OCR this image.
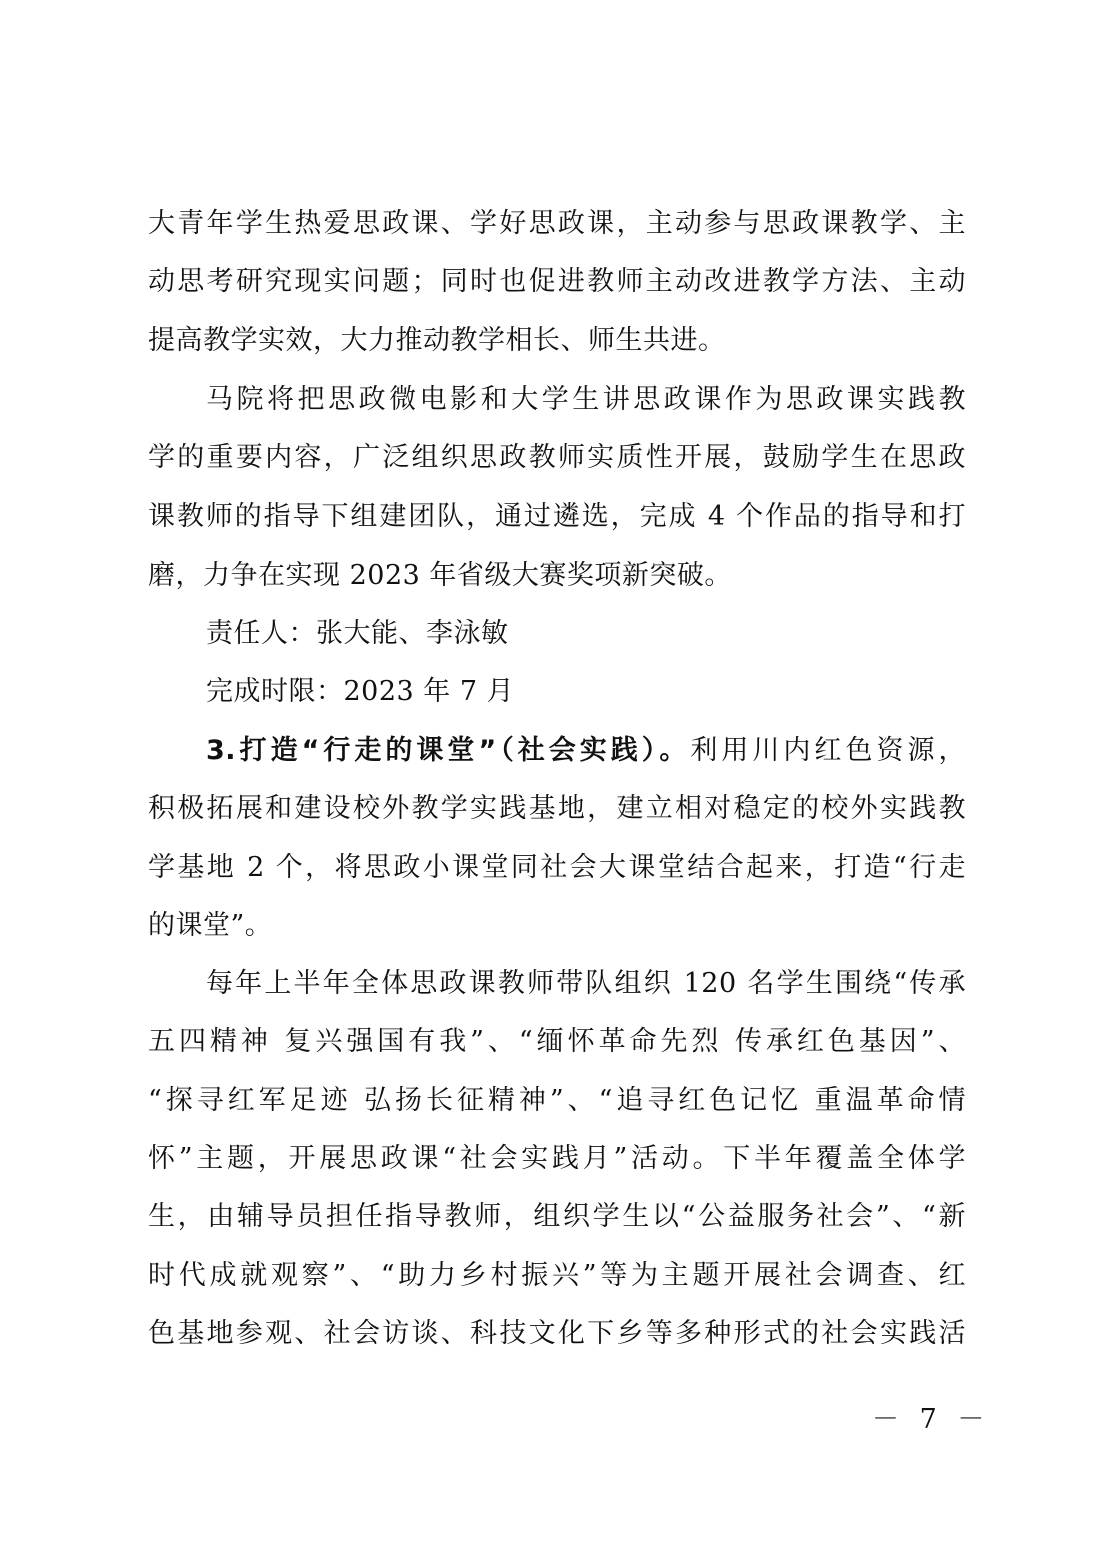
大青年学生热爱思政课、学好思政课，主动参与思政课教学、主
动思考研究现实问题；同时也促进教师主动改进教学方法、主动
提高教学实效，大力推动教学相长、师生共进。
马院将把思政微电影和大学生讲思政课作为思政课实践教
学的重要内容，广泛组织思政教师实质性开展，鼓励学生在思政
课教师的指导下组建团队，通过遴选，完成 4 个作品的指导和打
磨，力争在实现 2023 年省级大赛奖项新突破。
责任人：张大能、李泳敏
完成时限：2023 年 7 月
3.打造“行走的课堂”（社会实践）。利用川内红色资源，
积极拓展和建设校外教学实践基地，建立相对稳定的校外实践教
学基地 2 个，将思政小课堂同社会大课堂结合起来，打造“行走
的课堂”。
每年上半年全体思政课教师带队组织 120 名学生围绕“传承
五四精神 复兴强国有我”、“缅怀革命先烈 传承红色基因”、
“探寻红军足迹 弘扬长征精神”、“追寻红色记忆 重温革命情
怀”主题，开展思政课“社会实践月”活动。下半年覆盖全体学
生，由辅导员担任指导教师，组织学生以“公益服务社会”、“新
时代成就观察”、“助力乡村振兴”等为主题开展社会调查、红
色基地参观、社会访谈、科技文化下乡等多种形式的社会实践活
－ 7 －
